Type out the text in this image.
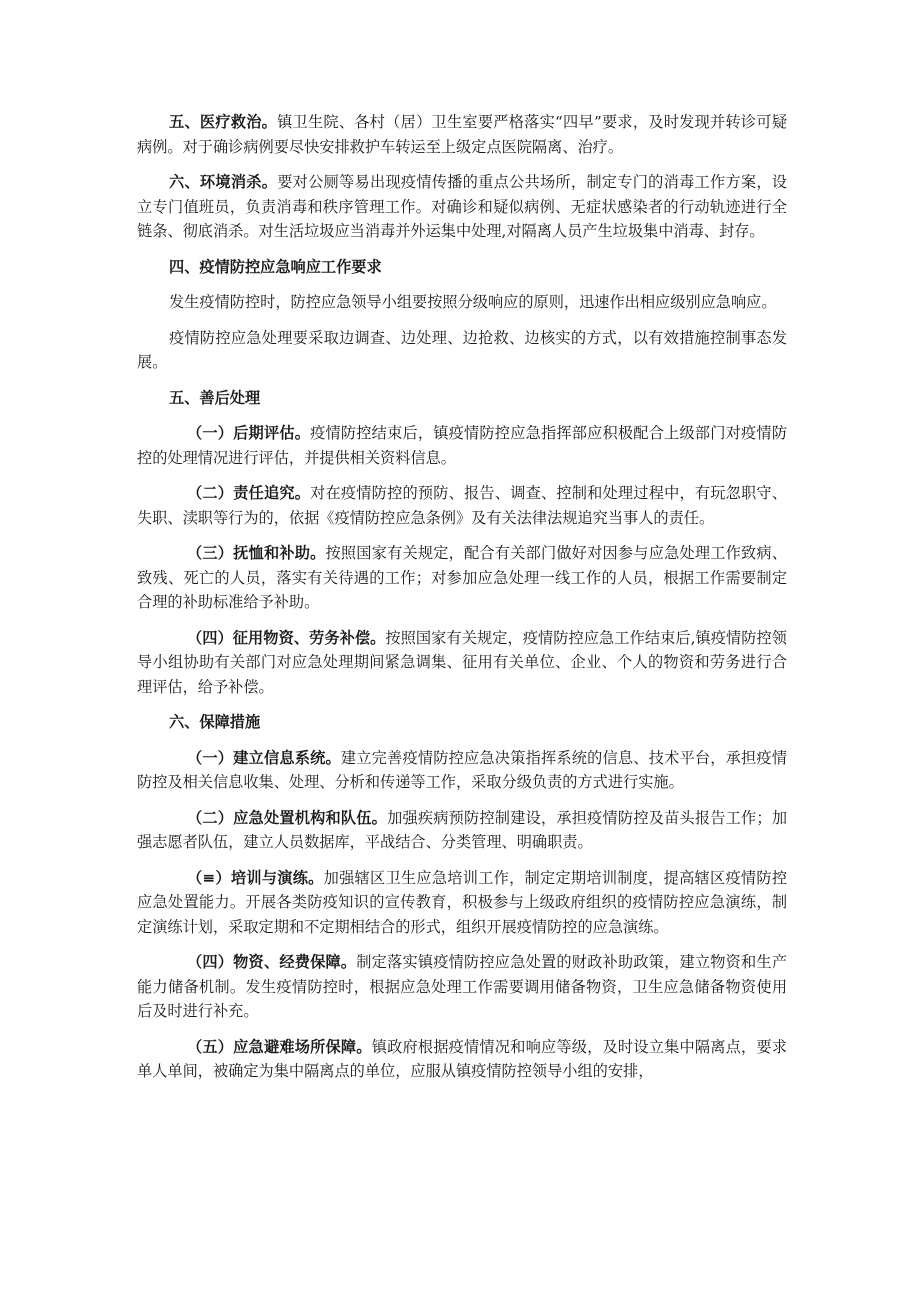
五、医疗救治。镇卫生院、各村（居）卫生室要严格落实“四早”要求，及时发现并转诊可疑病例。对于确诊病例要尽快安排救护车转运至上级定点医院隔离、治疗。

六、环境消杀。要对公厕等易出现疫情传播的重点公共场所，制定专门的消毒工作方案，设立专门值班员，负责消毒和秩序管理工作。对确诊和疑似病例、无症状感染者的行动轨迹进行全链条、彻底消杀。对生活垃圾应当消毒并外运集中处理,对隔离人员产生垃圾集中消毒、封存。

四、疫情防控应急响应工作要求

发生疫情防控时，防控应急领导小组要按照分级响应的原则，迅速作出相应级别应急响应。

疫情防控应急处理要采取边调查、边处理、边抢救、边核实的方式，以有效措施控制事态发展。

五、善后处理

（一）后期评估。疫情防控结束后，镇疫情防控应急指挥部应积极配合上级部门对疫情防控的处理情况进行评估，并提供相关资料信息。

（二）责任追究。对在疫情防控的预防、报告、调查、控制和处理过程中，有玩忽职守、失职、渎职等行为的，依据《疫情防控应急条例》及有关法律法规追究当事人的责任。

（三）抚恤和补助。按照国家有关规定，配合有关部门做好对因参与应急处理工作致病、致残、死亡的人员，落实有关待遇的工作；对参加应急处理一线工作的人员，根据工作需要制定合理的补助标准给予补助。

（四）征用物资、劳务补偿。按照国家有关规定，疫情防控应急工作结束后,镇疫情防控领导小组协助有关部门对应急处理期间紧急调集、征用有关单位、企业、个人的物资和劳务进行合理评估，给予补偿。

六、保障措施

（一）建立信息系统。建立完善疫情防控应急决策指挥系统的信息、技术平台，承担疫情防控及相关信息收集、处理、分析和传递等工作，采取分级负责的方式进行实施。

（二）应急处置机构和队伍。加强疾病预防控制建设，承担疫情防控及苗头报告工作；加强志愿者队伍，建立人员数据库，平战结合、分类管理、明确职责。

（≡）培训与演练。加强辖区卫生应急培训工作，制定定期培训制度，提高辖区疫情防控应急处置能力。开展各类防疫知识的宣传教育，积极参与上级政府组织的疫情防控应急演练，制定演练计划，采取定期和不定期相结合的形式，组织开展疫情防控的应急演练。

（四）物资、经费保障。制定落实镇疫情防控应急处置的财政补助政策，建立物资和生产能力储备机制。发生疫情防控时，根据应急处理工作需要调用储备物资，卫生应急储备物资使用后及时进行补充。

（五）应急避难场所保障。镇政府根据疫情情况和响应等级，及时设立集中隔离点，要求单人单间，被确定为集中隔离点的单位，应服从镇疫情防控领导小组的安排，
